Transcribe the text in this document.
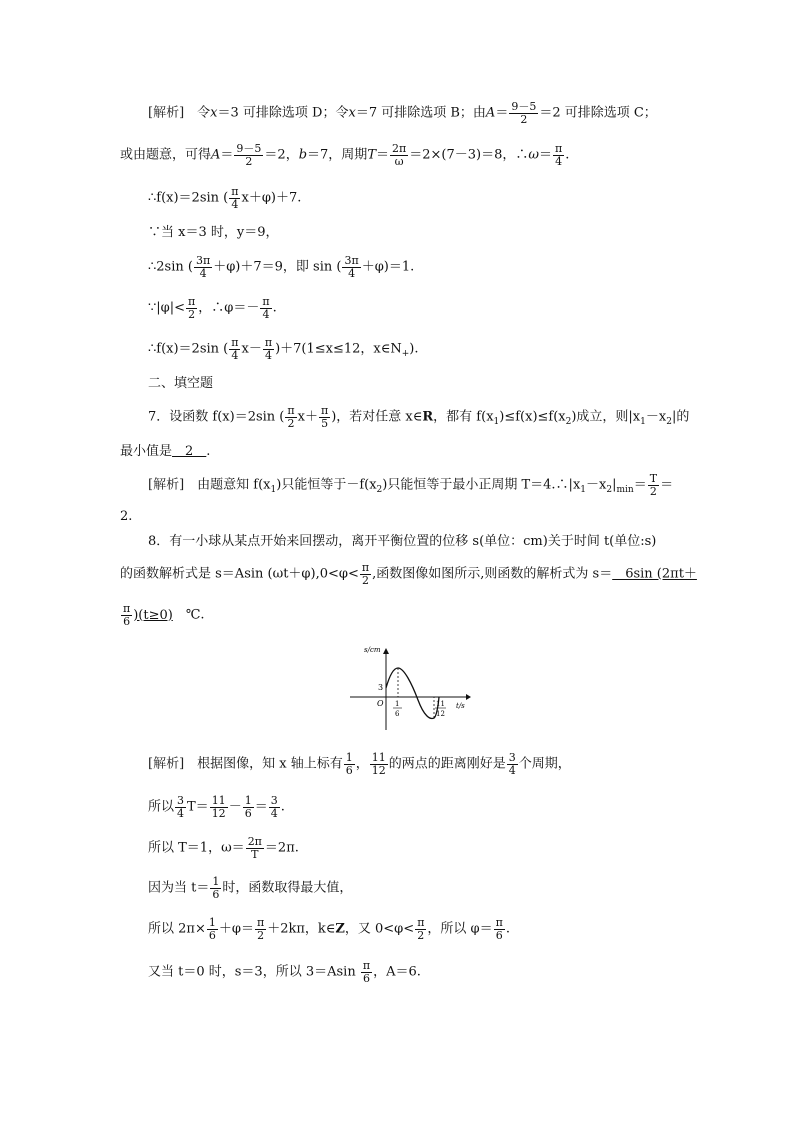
[解析]　令x＝3 可排除选项 D；令x＝7 可排除选项 B；由$A= \frac{9-5}{2} =2$ 可排除选项 C；
或由题意，可得$A= \frac{9-5}{2} =2$，b＝7，周期$T= \frac{2\pi}{\omega} =2\times(7-3)=8$，∴ω＝ $\frac{\pi}{4}$ .
∴f(x)＝2sin ( $\frac{\pi}{4} x+\varphi)+7$.
∵当 x＝3 时，y＝9，
∴2sin ( $\frac{3\pi}{4} +\varphi)+7=9$，即 sin ( $\frac{3\pi}{4} +\varphi)=1$.
∵|φ|< $\frac{\pi}{2}$ ，∴φ＝－ $\frac{\pi}{4}$ .
∴f(x)＝2sin ( $\frac{\pi}{4} x- \frac{\pi}{4} )+7(1\le x\le 12$，$x\in N_+$).
二、填空题
7．设函数 f(x)＝2sin ( $\frac{\pi}{2} x+ \frac{\pi}{5}$ )，若对任意 x∈R，都有 $f(x_1)\le f(x)\le f(x_2)$成立，则$|x_1-x_2|$的
最小值是　2　.
[解析]　由题意知 $f(x_1)$只能恒等于$-f(x_2)$只能恒等于最小正周期 $T=4.\therefore|x_1-x_2|_{min}= \frac{T}{2}$ ＝
2.
8．有一小球从某点开始来回摆动，离开平衡位置的位移 s(单位：cm)关于时间 t(单位:s)
的函数解析式是 s＝Asin $(\omega t+\varphi),0<\varphi< \frac{\pi}{2}$ ,函数图像如图所示,则函数的解析式为 s＝　6sin (2πt＋
$\frac{\pi}{6} )(t\ge 0)$　℃.
s/cm
t/s
O
3
1
6
11
12
[解析]　根据图像，知 x 轴上标有 $\frac{1}{6}$ ， $\frac{11}{12}$ 的两点的距离刚好是 $\frac{3}{4}$ 个周期，
所以 $\frac{3}{4} T= \frac{11}{12} - \frac{1}{6} = \frac{3}{4}$ .
所以 T＝1，$\omega= \frac{2\pi}{T} =2\pi$.
因为当 $t= \frac{1}{6}$ 时，函数取得最大值，
所以 $2\pi\times \frac{1}{6} +\varphi= \frac{\pi}{2} +2k\pi$，k∈Z，又 $0<\varphi< \frac{\pi}{2}$ ，所以 $\varphi= \frac{\pi}{6}$ .
又当 t＝0 时，s＝3，所以 $3=Asin \frac{\pi}{6}$ ，A＝6.
